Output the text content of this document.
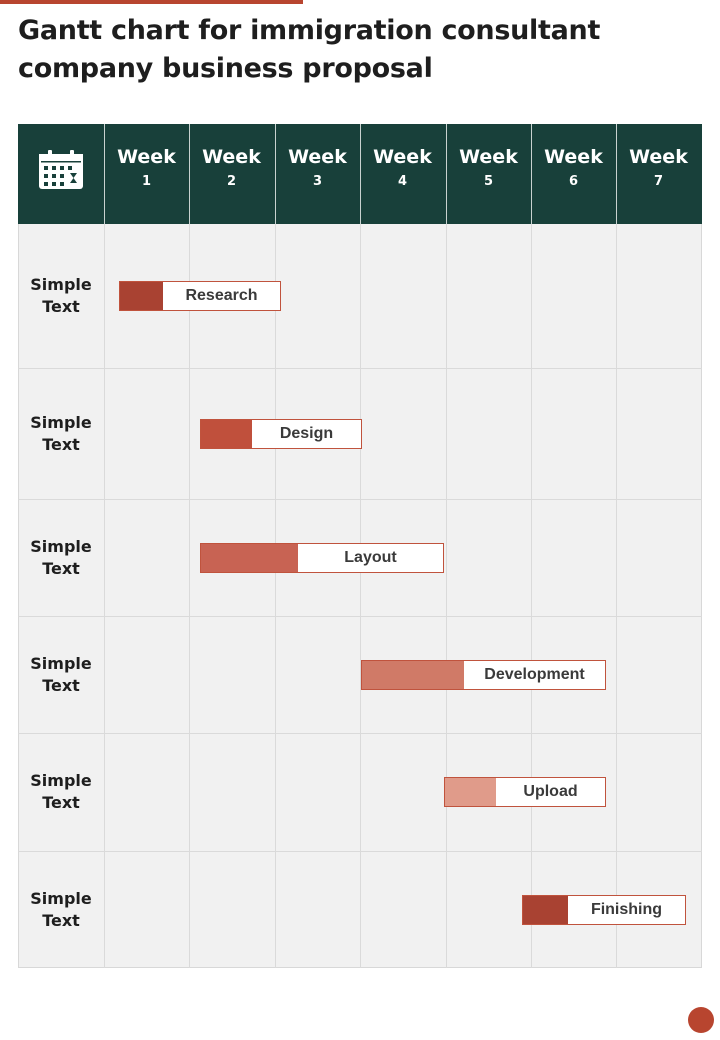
Gantt chart for immigration consultant
company business proposal
Week
1
Week
2
Week
3
Week
4
Week
5
Week
6
Week
7
Simple
Text
Research
Simple
Text
Design
Simple
Text
Layout
Simple
Text
Development
Simple
Text
Upload
Simple
Text
Finishing
